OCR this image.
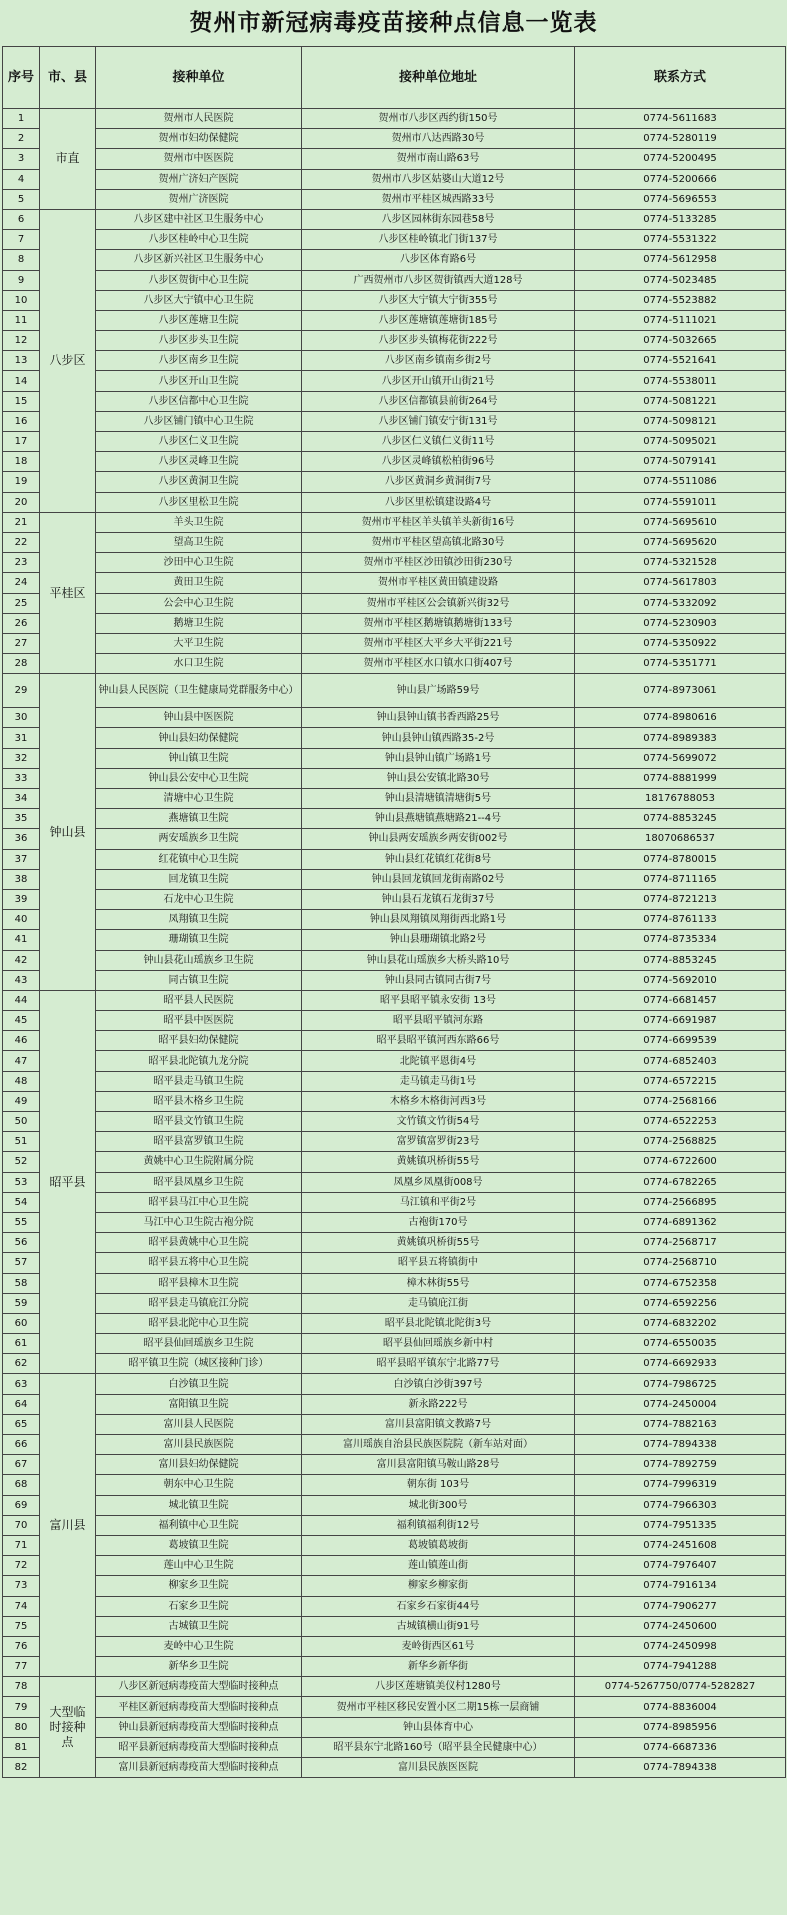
贺州市新冠病毒疫苗接种点信息一览表
序号	市、县	接种单位	接种单位地址	联系方式
1	市直	贺州市人民医院	贺州市八步区西约街150号	0774-5611683
2		贺州市妇幼保健院	贺州市八达西路30号	0774-5280119
3		贺州市中医医院	贺州市南山路63号	0774-5200495
4		贺州广济妇产医院	贺州市八步区姑婆山大道12号	0774-5200666
5		贺州广济医院	贺州市平桂区城西路33号	0774-5696553
6	八步区	八步区建中社区卫生服务中心	八步区园林街东园巷58号	0774-5133285
7		八步区桂岭中心卫生院	八步区桂岭镇北门街137号	0774-5531322
8		八步区新兴社区卫生服务中心	八步区体育路6号	0774-5612958
9		八步区贺街中心卫生院	广西贺州市八步区贺街镇西大道128号	0774-5023485
10		八步区大宁镇中心卫生院	八步区大宁镇大宁街355号	0774-5523882
11		八步区莲塘卫生院	八步区莲塘镇莲塘街185号	0774-5111021
12		八步区步头卫生院	八步区步头镇梅花街222号	0774-5032665
13		八步区南乡卫生院	八步区南乡镇南乡街2号	0774-5521641
14		八步区开山卫生院	八步区开山镇开山街21号	0774-5538011
15		八步区信都中心卫生院	八步区信都镇县前街264号	0774-5081221
16		八步区铺门镇中心卫生院	八步区铺门镇安宁街131号	0774-5098121
17		八步区仁义卫生院	八步区仁义镇仁义街11号	0774-5095021
18		八步区灵峰卫生院	八步区灵峰镇松柏街96号	0774-5079141
19		八步区黄洞卫生院	八步区黄洞乡黄洞街7号	0774-5511086
20		八步区里松卫生院	八步区里松镇建设路4号	0774-5591011
21	平桂区	羊头卫生院	贺州市平桂区羊头镇羊头新街16号	0774-5695610
22		望高卫生院	贺州市平桂区望高镇北路30号	0774-5695620
23		沙田中心卫生院	贺州市平桂区沙田镇沙田街230号	0774-5321528
24		黄田卫生院	贺州市平桂区黄田镇建设路	0774-5617803
25		公会中心卫生院	贺州市平桂区公会镇新兴街32号	0774-5332092
26		鹅塘卫生院	贺州市平桂区鹅塘镇鹅塘街133号	0774-5230903
27		大平卫生院	贺州市平桂区大平乡大平街221号	0774-5350922
28		水口卫生院	贺州市平桂区水口镇水口街407号	0774-5351771
29	钟山县	钟山县人民医院（卫生健康局党群服务中心）	钟山县广场路59号	0774-8973061
30		钟山县中医医院	钟山县钟山镇书香西路25号	0774-8980616
31		钟山县妇幼保健院	钟山县钟山镇西路35-2号	0774-8989383
32		钟山镇卫生院	钟山县钟山镇广场路1号	0774-5699072
33		钟山县公安中心卫生院	钟山县公安镇北路30号	0774-8881999
34		清塘中心卫生院	钟山县清塘镇清塘街5号	18176788053
35		燕塘镇卫生院	钟山县燕塘镇燕塘路21--4号	0774-8853245
36		两安瑶族乡卫生院	钟山县两安瑶族乡两安街002号	18070686537
37		红花镇中心卫生院	钟山县红花镇红花街8号	0774-8780015
38		回龙镇卫生院	钟山县回龙镇回龙街南路02号	0774-8711165
39		石龙中心卫生院	钟山县石龙镇石龙街37号	0774-8721213
40		凤翔镇卫生院	钟山县凤翔镇凤翔街西北路1号	0774-8761133
41		珊瑚镇卫生院	钟山县珊瑚镇北路2号	0774-8735334
42		钟山县花山瑶族乡卫生院	钟山县花山瑶族乡大桥头路10号	0774-8853245
43		同古镇卫生院	钟山县同古镇同古街7号	0774-5692010
44	昭平县	昭平县人民医院	昭平县昭平镇永安街 13号	0774-6681457
45		昭平县中医医院	昭平县昭平镇河东路	0774-6691987
46		昭平县妇幼保健院	昭平县昭平镇河西东路66号	0774-6699539
47		昭平县北陀镇九龙分院	北陀镇平恩街4号	0774-6852403
48		昭平县走马镇卫生院	走马镇走马街1号	0774-6572215
49		昭平县木格乡卫生院	木格乡木格街河西3号	0774-2568166
50		昭平县文竹镇卫生院	文竹镇文竹街54号	0774-6522253
51		昭平县富罗镇卫生院	富罗镇富罗街23号	0774-2568825
52		黄姚中心卫生院附属分院	黄姚镇巩桥街55号	0774-6722600
53		昭平县凤凰乡卫生院	凤凰乡凤凰街008号	0774-6782265
54		昭平县马江中心卫生院	马江镇和平街2号	0774-2566895
55		马江中心卫生院古袍分院	古袍街170号	0774-6891362
56		昭平县黄姚中心卫生院	黄姚镇巩桥街55号	0774-2568717
57		昭平县五将中心卫生院	昭平县五将镇街中	0774-2568710
58		昭平县樟木卫生院	樟木林街55号	0774-6752358
59		昭平县走马镇庇江分院	走马镇庇江街	0774-6592256
60		昭平县北陀中心卫生院	昭平县北陀镇北陀街3号	0774-6832202
61		昭平县仙回瑶族乡卫生院	昭平县仙回瑶族乡新中村	0774-6550035
62		昭平镇卫生院（城区接种门诊）	昭平县昭平镇东宁北路77号	0774-6692933
63	富川县	白沙镇卫生院	白沙镇白沙街397号	0774-7986725
64		富阳镇卫生院	新永路222号	0774-2450004
65		富川县人民医院	富川县富阳镇文教路7号	0774-7882163
66		富川县民族医院	富川瑶族自治县民族医院院（新车站对面）	0774-7894338
67		富川县妇幼保健院	富川县富阳镇马鞍山路28号	0774-7892759
68		朝东中心卫生院	朝东街 103号	0774-7996319
69		城北镇卫生院	城北街300号	0774-7966303
70		福利镇中心卫生院	福利镇福利街12号	0774-7951335
71		葛坡镇卫生院	葛坡镇葛坡街	0774-2451608
72		莲山中心卫生院	莲山镇莲山街	0774-7976407
73		柳家乡卫生院	柳家乡柳家街	0774-7916134
74		石家乡卫生院	石家乡石家街44号	0774-7906277
75		古城镇卫生院	古城镇横山街91号	0774-2450600
76		麦岭中心卫生院	麦岭街西区61号	0774-2450998
77		新华乡卫生院	新华乡新华街	0774-7941288
78	大型临时接种点	八步区新冠病毒疫苗大型临时接种点	八步区莲塘镇美仪村1280号	0774-5267750/0774-5282827
79		平桂区新冠病毒疫苗大型临时接种点	贺州市平桂区移民安置小区二期15栋一层商铺	0774-8836004
80		钟山县新冠病毒疫苗大型临时接种点	钟山县体育中心	0774-8985956
81		昭平县新冠病毒疫苗大型临时接种点	昭平县东宁北路160号（昭平县全民健康中心）	0774-6687336
82		富川县新冠病毒疫苗大型临时接种点	富川县民族医医院	0774-7894338
